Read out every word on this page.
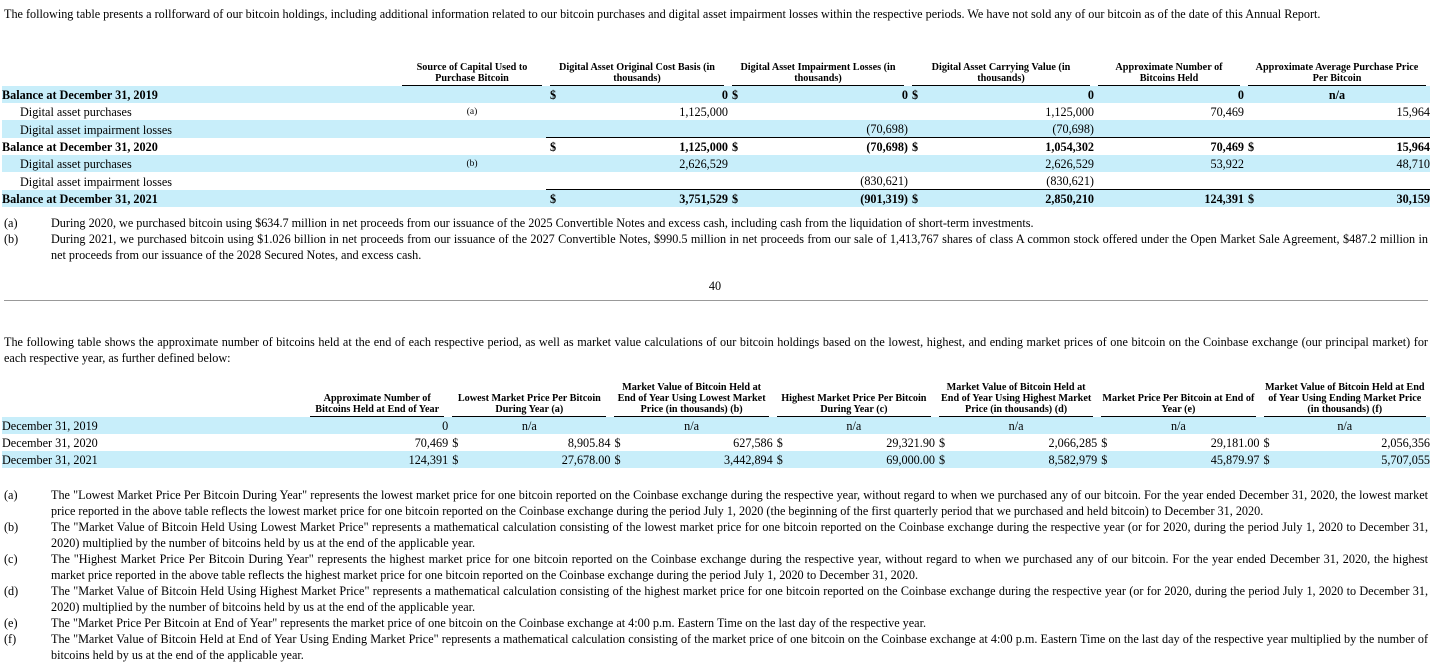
The following table presents a rollforward of our bitcoin holdings, including additional information related to our bitcoin purchases and digital asset impairment losses within the respective periods. We have not sold any of our bitcoin as of the date of this Annual Report.

	Source of Capital Used to Purchase Bitcoin	Digital Asset Original Cost Basis (in thousands)		Digital Asset Impairment Losses (in thousands)		Digital Asset Carrying Value (in thousands)		Approximate Number of Bitcoins Held	Approximate Average Purchase Price Per Bitcoin	

Balance at December 31, 2019		$	0	$	0	$	0	0	n/a	
Digital asset purchases	(a)		1,125,000				1,125,000	70,469		15,964
Digital asset impairment losses					(70,698)		(70,698)			
Balance at December 31, 2020		$	1,125,000	$	(70,698)	$	1,054,302	70,469	$	15,964
Digital asset purchases	(b)		2,626,529				2,626,529	53,922		48,710
Digital asset impairment losses					(830,621)		(830,621)			
Balance at December 31, 2021		$	3,751,529	$	(901,319)	$	2,850,210	124,391	$	30,159
(a)	During 2020, we purchased bitcoin using $634.7 million in net proceeds from our issuance of the 2025 Convertible Notes and excess cash, including cash from the liquidation of short-term investments.
(b)	During 2021, we purchased bitcoin using $1.026 billion in net proceeds from our issuance of the 2027 Convertible Notes, $990.5 million in net proceeds from our sale of 1,413,767 shares of class A common stock offered under the Open Market Sale Agreement, $487.2 million in net proceeds from our issuance of the 2028 Secured Notes, and excess cash.
40

The following table shows the approximate number of bitcoins held at the end of each respective period, as well as market value calculations of our bitcoin holdings based on the lowest, highest, and ending market prices of one bitcoin on the Coinbase exchange (our principal market) for each respective year, as further defined below:

	Approximate Number of Bitcoins Held at End of Year	Lowest Market Price Per Bitcoin During Year (a)		Market Value of Bitcoin Held at End of Year Using Lowest Market Price (in thousands) (b)		Highest Market Price Per Bitcoin During Year (c)		Market Value of Bitcoin Held at End of Year Using Highest Market Price (in thousands) (d)		Market Price Per Bitcoin at End of Year (e)		Market Value of Bitcoin Held at End of Year Using Ending Market Price (in thousands) (f)	

December 31, 2019	0	n/a		n/a		n/a		n/a		n/a		n/a	
December 31, 2020	70,469	$	8,905.84	$	627,586	$	29,321.90	$	2,066,285	$	29,181.00	$	2,056,356
December 31, 2021	124,391	$	27,678.00	$	3,442,894	$	69,000.00	$	8,582,979	$	45,879.97	$	5,707,055
(a)	The "Lowest Market Price Per Bitcoin During Year" represents the lowest market price for one bitcoin reported on the Coinbase exchange during the respective year, without regard to when we purchased any of our bitcoin. For the year ended December 31, 2020, the lowest market price reported in the above table reflects the lowest market price for one bitcoin reported on the Coinbase exchange during the period July 1, 2020 (the beginning of the first quarterly period that we purchased and held bitcoin) to December 31, 2020.
(b)	The "Market Value of Bitcoin Held Using Lowest Market Price" represents a mathematical calculation consisting of the lowest market price for one bitcoin reported on the Coinbase exchange during the respective year (or for 2020, during the period July 1, 2020 to December 31, 2020) multiplied by the number of bitcoins held by us at the end of the applicable year.
(c)	The "Highest Market Price Per Bitcoin During Year" represents the highest market price for one bitcoin reported on the Coinbase exchange during the respective year, without regard to when we purchased any of our bitcoin. For the year ended December 31, 2020, the highest market price reported in the above table reflects the highest market price for one bitcoin reported on the Coinbase exchange during the period July 1, 2020 to December 31, 2020.
(d)	The "Market Value of Bitcoin Held Using Highest Market Price" represents a mathematical calculation consisting of the highest market price for one bitcoin reported on the Coinbase exchange during the respective year (or for 2020, during the period July 1, 2020 to December 31, 2020) multiplied by the number of bitcoins held by us at the end of the applicable year.
(e)	The "Market Price Per Bitcoin at End of Year" represents the market price of one bitcoin on the Coinbase exchange at 4:00 p.m. Eastern Time on the last day of the respective year.
(f)	The "Market Value of Bitcoin Held at End of Year Using Ending Market Price" represents a mathematical calculation consisting of the market price of one bitcoin on the Coinbase exchange at 4:00 p.m. Eastern Time on the last day of the respective year multiplied by the number of bitcoins held by us at the end of the applicable year.
